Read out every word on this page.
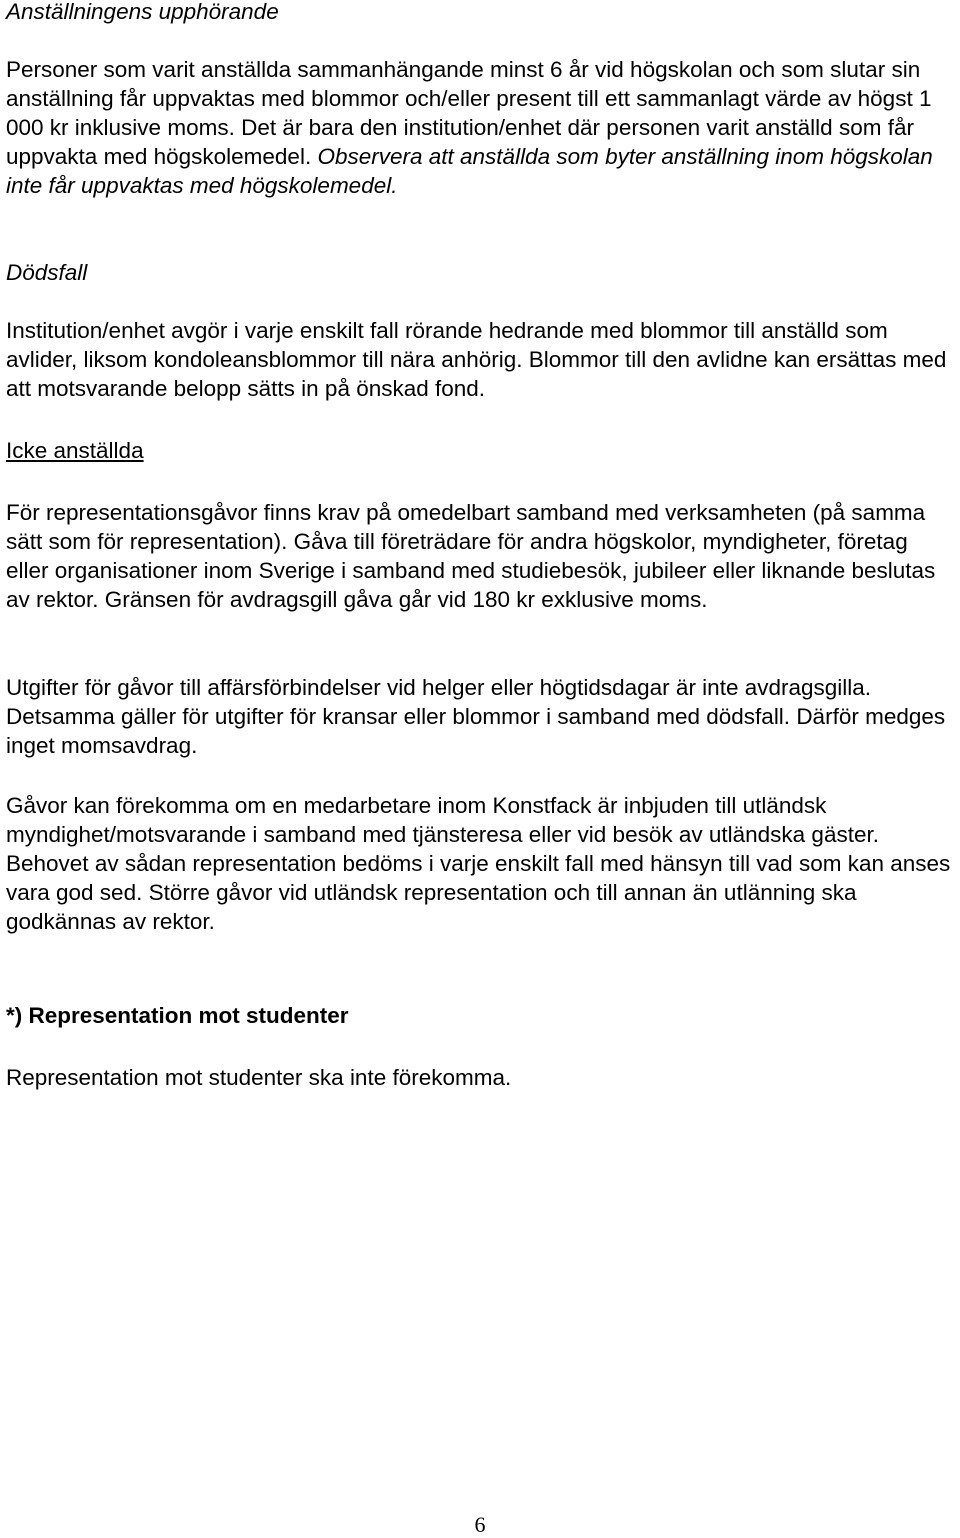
Anställningens upphörande

Personer som varit anställda sammanhängande minst 6 år vid högskolan och som slutar sin anställning får uppvaktas med blommor och/eller present till ett sammanlagt värde av högst 1 000 kr inklusive moms. Det är bara den institution/enhet där personen varit anställd som får uppvakta med högskolemedel. Observera att anställda som byter anställning inom högskolan inte får uppvaktas med högskolemedel.

Dödsfall

Institution/enhet avgör i varje enskilt fall rörande hedrande med blommor till anställd som avlider, liksom kondoleansblommor till nära anhörig. Blommor till den avlidne kan ersättas med att motsvarande belopp sätts in på önskad fond.

Icke anställda

För representationsgåvor finns krav på omedelbart samband med verksamheten (på samma sätt som för representation). Gåva till företrädare för andra högskolor, myndigheter, företag eller organisationer inom Sverige i samband med studiebesök, jubileer eller liknande beslutas av rektor. Gränsen för avdragsgill gåva går vid 180 kr exklusive moms.

Utgifter för gåvor till affärsförbindelser vid helger eller högtidsdagar är inte avdragsgilla. Detsamma gäller för utgifter för kransar eller blommor i samband med dödsfall. Därför medges inget momsavdrag.

Gåvor kan förekomma om en medarbetare inom Konstfack är inbjuden till utländsk myndighet/motsvarande i samband med tjänsteresa eller vid besök av utländska gäster. Behovet av sådan representation bedöms i varje enskilt fall med hänsyn till vad som kan anses vara god sed. Större gåvor vid utländsk representation och till annan än utlänning ska godkännas av rektor.

*) Representation mot studenter

Representation mot studenter ska inte förekomma.

6
